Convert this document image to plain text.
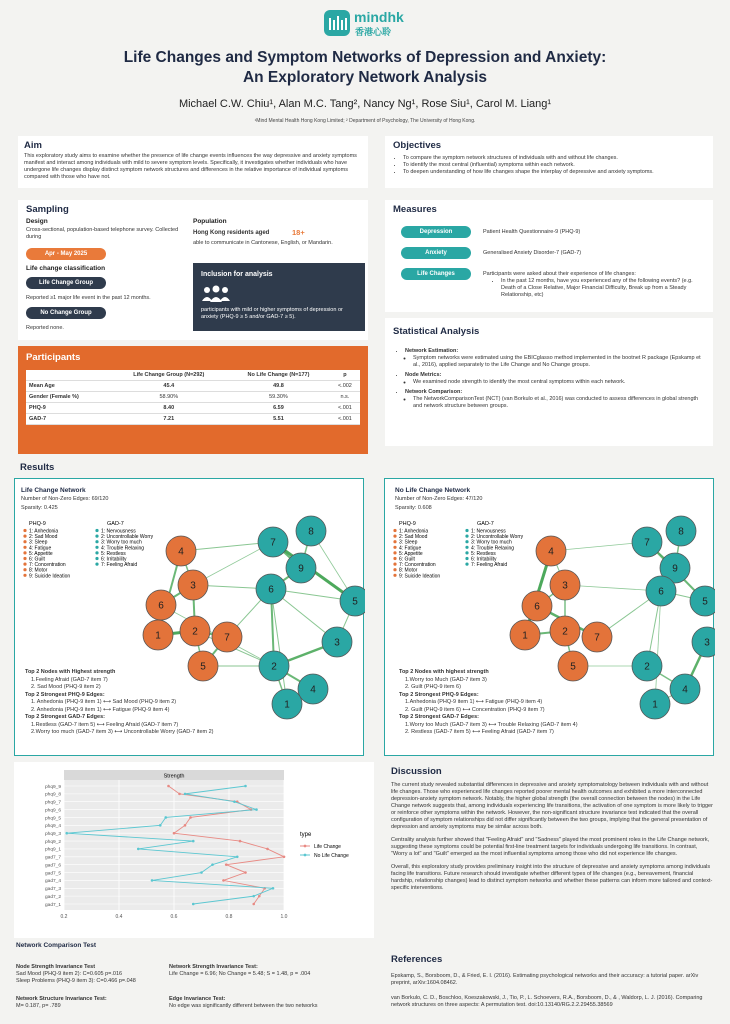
mindhk
香港心聆
Life Changes and Symptom Networks of Depression and Anxiety:
An Exploratory Network Analysis
Michael C.W. Chiu¹, Alan M.C. Tang², Nancy Ng¹, Rose Siu¹, Carol M. Liang¹
¹Mind Mental Health Hong Kong Limited; ² Department of Psychology, The University of Hong Kong.
Aim
This exploratory study aims to examine whether the presence of life change events influences the way depressive and anxiety symptoms manifest and interact among individuals with mild to severe symptom levels. Specifically, it investigates whether individuals who have undergone life changes display distinct symptom network structures and differences in the relative importance of individual symptoms compared with those who have not.
Objectives
• To compare the symptom network structures of individuals with and without life changes.
• To identify the most central (influential) symptoms within each network.
• To deepen understanding of how life changes shape the interplay of depressive and anxiety symptoms.
Sampling
Design
Cross-sectional, population-based telephone survey. Collected during
Apr - May 2025
Life change classification
Life Change Group
Reported ≥1 major life event in the past 12 months.
No Change Group
Reported none.
Population
Hong Kong residents aged	18+
able to communicate in Cantonese, English, or Mandarin.
Inclusion for analysis
participants with mild or higher symptoms of depression or anxiety (PHQ-9 ≥ 5 and/or GAD-7 ≥ 5).
Measures
Depression	Patient Health Questionnaire-9 (PHQ-9)
Anxiety	Generalised Anxiety Disorder-7 (GAD-7)
Life Changes	Participants were asked about their experience of life changes:
• In the past 12 months, have you experienced any of the following events? (e.g. Death of a Close Relative, Major Financial Difficulty, Break up from a Steady Relationship, etc)
Participants
	Life Change Group (N=292)	No Life Change (N=177)	p
Mean Age	45.4	49.8	<.002
Gender (Female %)	58.90%	59.30%	n.s.
PHQ-9	8.40	6.59	<.001
GAD-7	7.21	5.51	<.001
Statistical Analysis
• Network Estimation:
◦ Symptom networks were estimated using the EBICglasso method implemented in the bootnet R package (Epskamp et al., 2016), applied separately to the Life Change and No Change groups.
• Node Metrics:
◦ We examined node strength to identify the most central symptoms within each network.
• Network Comparison:
◦ The NetworkComparisonTest (NCT) (van Borkulo et al., 2016) was conducted to assess differences in global strength and network structure between groups.
Results
Life Change Network
Number of Non-Zero Edges: 69/120
Sparsity: 0.425
PHQ-9	GAD-7
1: Anhedonia
2: Sad Mood
3: Sleep
4: Fatigue
5: Appetite
6: Guilt
7: Concentration
8: Motor
9: Suicide Ideation
1: Nervousness
2: Uncontrollable Worry
3: Worry too much
4: Trouble Relaxing
5: Restless
6: Irritability
7: Feeling Afraid
4
3
6
1	2
7
5
8
7
9
6
5
3
2
4
1
Top 2 Nodes with Highest strength
1.Feeling Afraid (GAD-7 item 7)
2. Sad Mood (PHQ-9 item 2)
Top 2 Strongest PHQ-9 Edges:
1. Anhedonia (PHQ-9 item 1) ⟷ Sad Mood (PHQ-9 item 2)
2. Anhedonia (PHQ-9 item 1) ⟷ Fatigue (PHQ-9 item 4)
Top 2 Strongest GAD-7 Edges:
1.Restless (GAD-7 item 5) ⟷ Feeling Afraid (GAD-7 item 7)
2.Worry too much (GAD-7 item 3) ⟷ Uncontrollable Worry (GAD-7 item 2)
No Life Change Network
Number of Non-Zero Edges: 47/120
Sparsity: 0.608
PHQ-9	GAD-7
1: Anhedonia
2: Sad Mood
3: Sleep
4: Fatigue
5: Appetite
6: Guilt
7: Concentration
8: Motor
9: Suicide Ideation
1: Nervousness
2: Uncontrollable Worry
3: Worry too much
4: Trouble Relaxing
5: Restless
6: Irritability
7: Feeling Afraid
4
3
6
1	2
7
5
8
7
9
6
5
3
2
4
1
Top 2 Nodes with highest strength
1.Worry too Much (GAD-7 item 3)
2. Guilt (PHQ-9 item 6)
Top 2 Strongest PHQ-9 Edges:
1.Anhedonia (PHQ-9 item 1) ⟷ Fatigue (PHQ-9 item 4)
2. Guilt (PHQ-9 item 6) ⟷ Concentration (PHQ-9 item 7)
Top 2 Strongest GAD-7 Edges:
1.Worry too Much (GAD-7 item 3) ⟷ Trouble Relaxing (GAD-7 item 4)
2. Restless (GAD-7 item 5) ⟷ Feeling Afraid (GAD-7 item 7)
Strength
0.2	0.4	0.6	0.8	1.0
phq9_9
phq9_8
phq9_7
phq9_6
phq9_5
phq9_4
phq9_3
phq9_2
phq9_1
gad7_7
gad7_6
gad7_5
gad7_4
gad7_3
gad7_2
gad7_1
type
Life Change
No Life Change
Network Comparison Test
Node Strength Invariance Test
Sad Mood (PHQ-9 item 2): C=0.605 p=.016
Sleep Problems (PHQ-9 item 3): C=0.466 p=.048
Network Strength Invariance Test:
Life Change = 6.96; No Change = 5.48; S = 1.48, p = .004
Network Structure Invariance Test:
M= 0.187, p= .789
Edge Invariance Test:
No edge was significantly different between the two networks
Discussion
The current study revealed substantial differences in depressive and anxiety symptomatology between individuals with and without life changes. Those who experienced life changes reported poorer mental health outcomes and exhibited a more interconnected depression-anxiety symptom network. Notably, the higher global strength (the overall connection between the nodes) in the Life Change network suggests that, among individuals experiencing life transitions, the activation of one symptom is more likely to trigger or reinforce other symptoms within the network. However, the non-significant structure invariance test indicated that the overall configuration of symptom relationships did not differ significantly between the two groups, implying that the general presentation of depression and anxiety symptoms may be similar across both.
Centrality analysis further showed that "Feeling Afraid" and "Sadness" played the most prominent roles in the Life Change network, suggesting these symptoms could be potential first-line treatment targets for individuals undergoing life transitions. In contrast, "Worry a lot" and "Guilt" emerged as the most influential symptoms among those who did not experience life changes.
Overall, this exploratory study provides preliminary insight into the structure of depressive and anxiety symptoms among individuals facing life transitions. Future research should investigate whether different types of life changes (e.g., bereavement, financial hardship, relationship changes) lead to distinct symptom networks and whether these patterns can inform more tailored and context-specific interventions.
References
Epskamp, S., Borsboom, D., & Fried, E. I. (2016). Estimating psychological networks and their accuracy: a tutorial paper. arXiv preprint, arXiv:1604.08462.
van Borkulo, C. D., Boschloo, Koeszakowski, J., Tio, P., L. Schoevers, R.A., Borsboom, D., & , Waldorp, L. J. (2016). Comparing network structures on three aspects: A permutation test. doi:10.13140/RG.2.2.29455.38569
